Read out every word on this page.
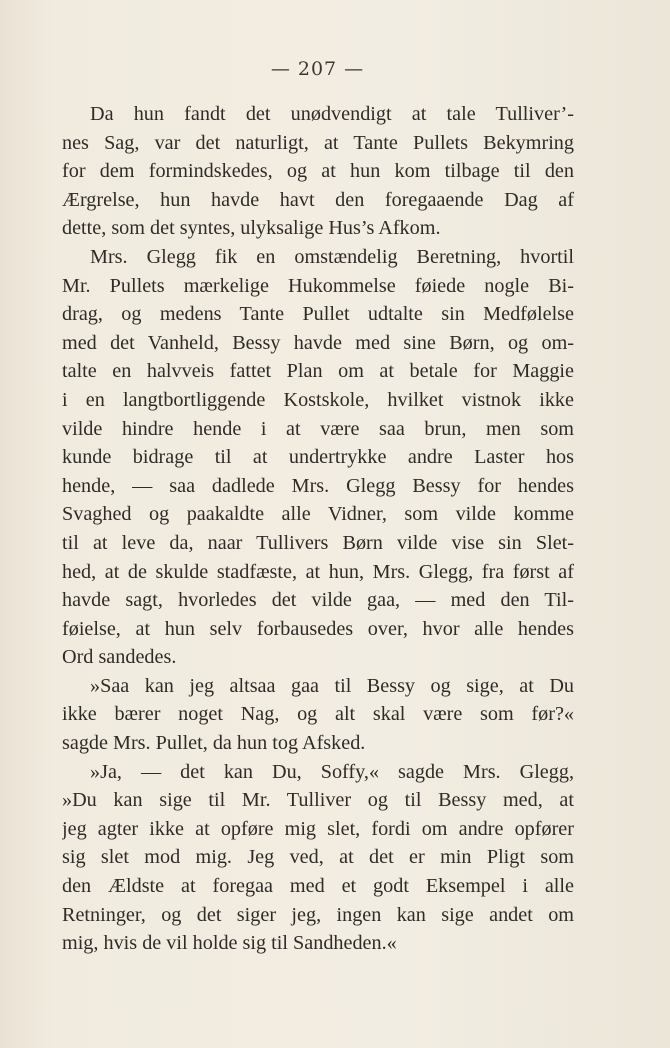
— 207 —
Da hun fandt det unødvendigt at tale Tulliver’-
nes Sag, var det naturligt, at Tante Pullets Bekymring
for dem formindskedes, og at hun kom tilbage til den
Ærgrelse, hun havde havt den foregaaende Dag af
dette, som det syntes, ulyksalige Hus’s Afkom.
Mrs. Glegg fik en omstændelig Beretning, hvortil
Mr. Pullets mærkelige Hukommelse føiede nogle Bi-
drag, og medens Tante Pullet udtalte sin Medfølelse
med det Vanheld, Bessy havde med sine Børn, og om-
talte en halvveis fattet Plan om at betale for Maggie
i en langtbortliggende Kostskole, hvilket vistnok ikke
vilde hindre hende i at være saa brun, men som
kunde bidrage til at undertrykke andre Laster hos
hende, — saa dadlede Mrs. Glegg Bessy for hendes
Svaghed og paakaldte alle Vidner, som vilde komme
til at leve da, naar Tullivers Børn vilde vise sin Slet-
hed, at de skulde stadfæste, at hun, Mrs. Glegg, fra først af
havde sagt, hvorledes det vilde gaa, — med den Til-
føielse, at hun selv forbausedes over, hvor alle hendes
Ord sandedes.
»Saa kan jeg altsaa gaa til Bessy og sige, at Du
ikke bærer noget Nag, og alt skal være som før?«
sagde Mrs. Pullet, da hun tog Afsked.
»Ja, — det kan Du, Soffy,« sagde Mrs. Glegg,
»Du kan sige til Mr. Tulliver og til Bessy med, at
jeg agter ikke at opføre mig slet, fordi om andre opfører
sig slet mod mig. Jeg ved, at det er min Pligt som
den Ældste at foregaa med et godt Eksempel i alle
Retninger, og det siger jeg, ingen kan sige andet om
mig, hvis de vil holde sig til Sandheden.«
